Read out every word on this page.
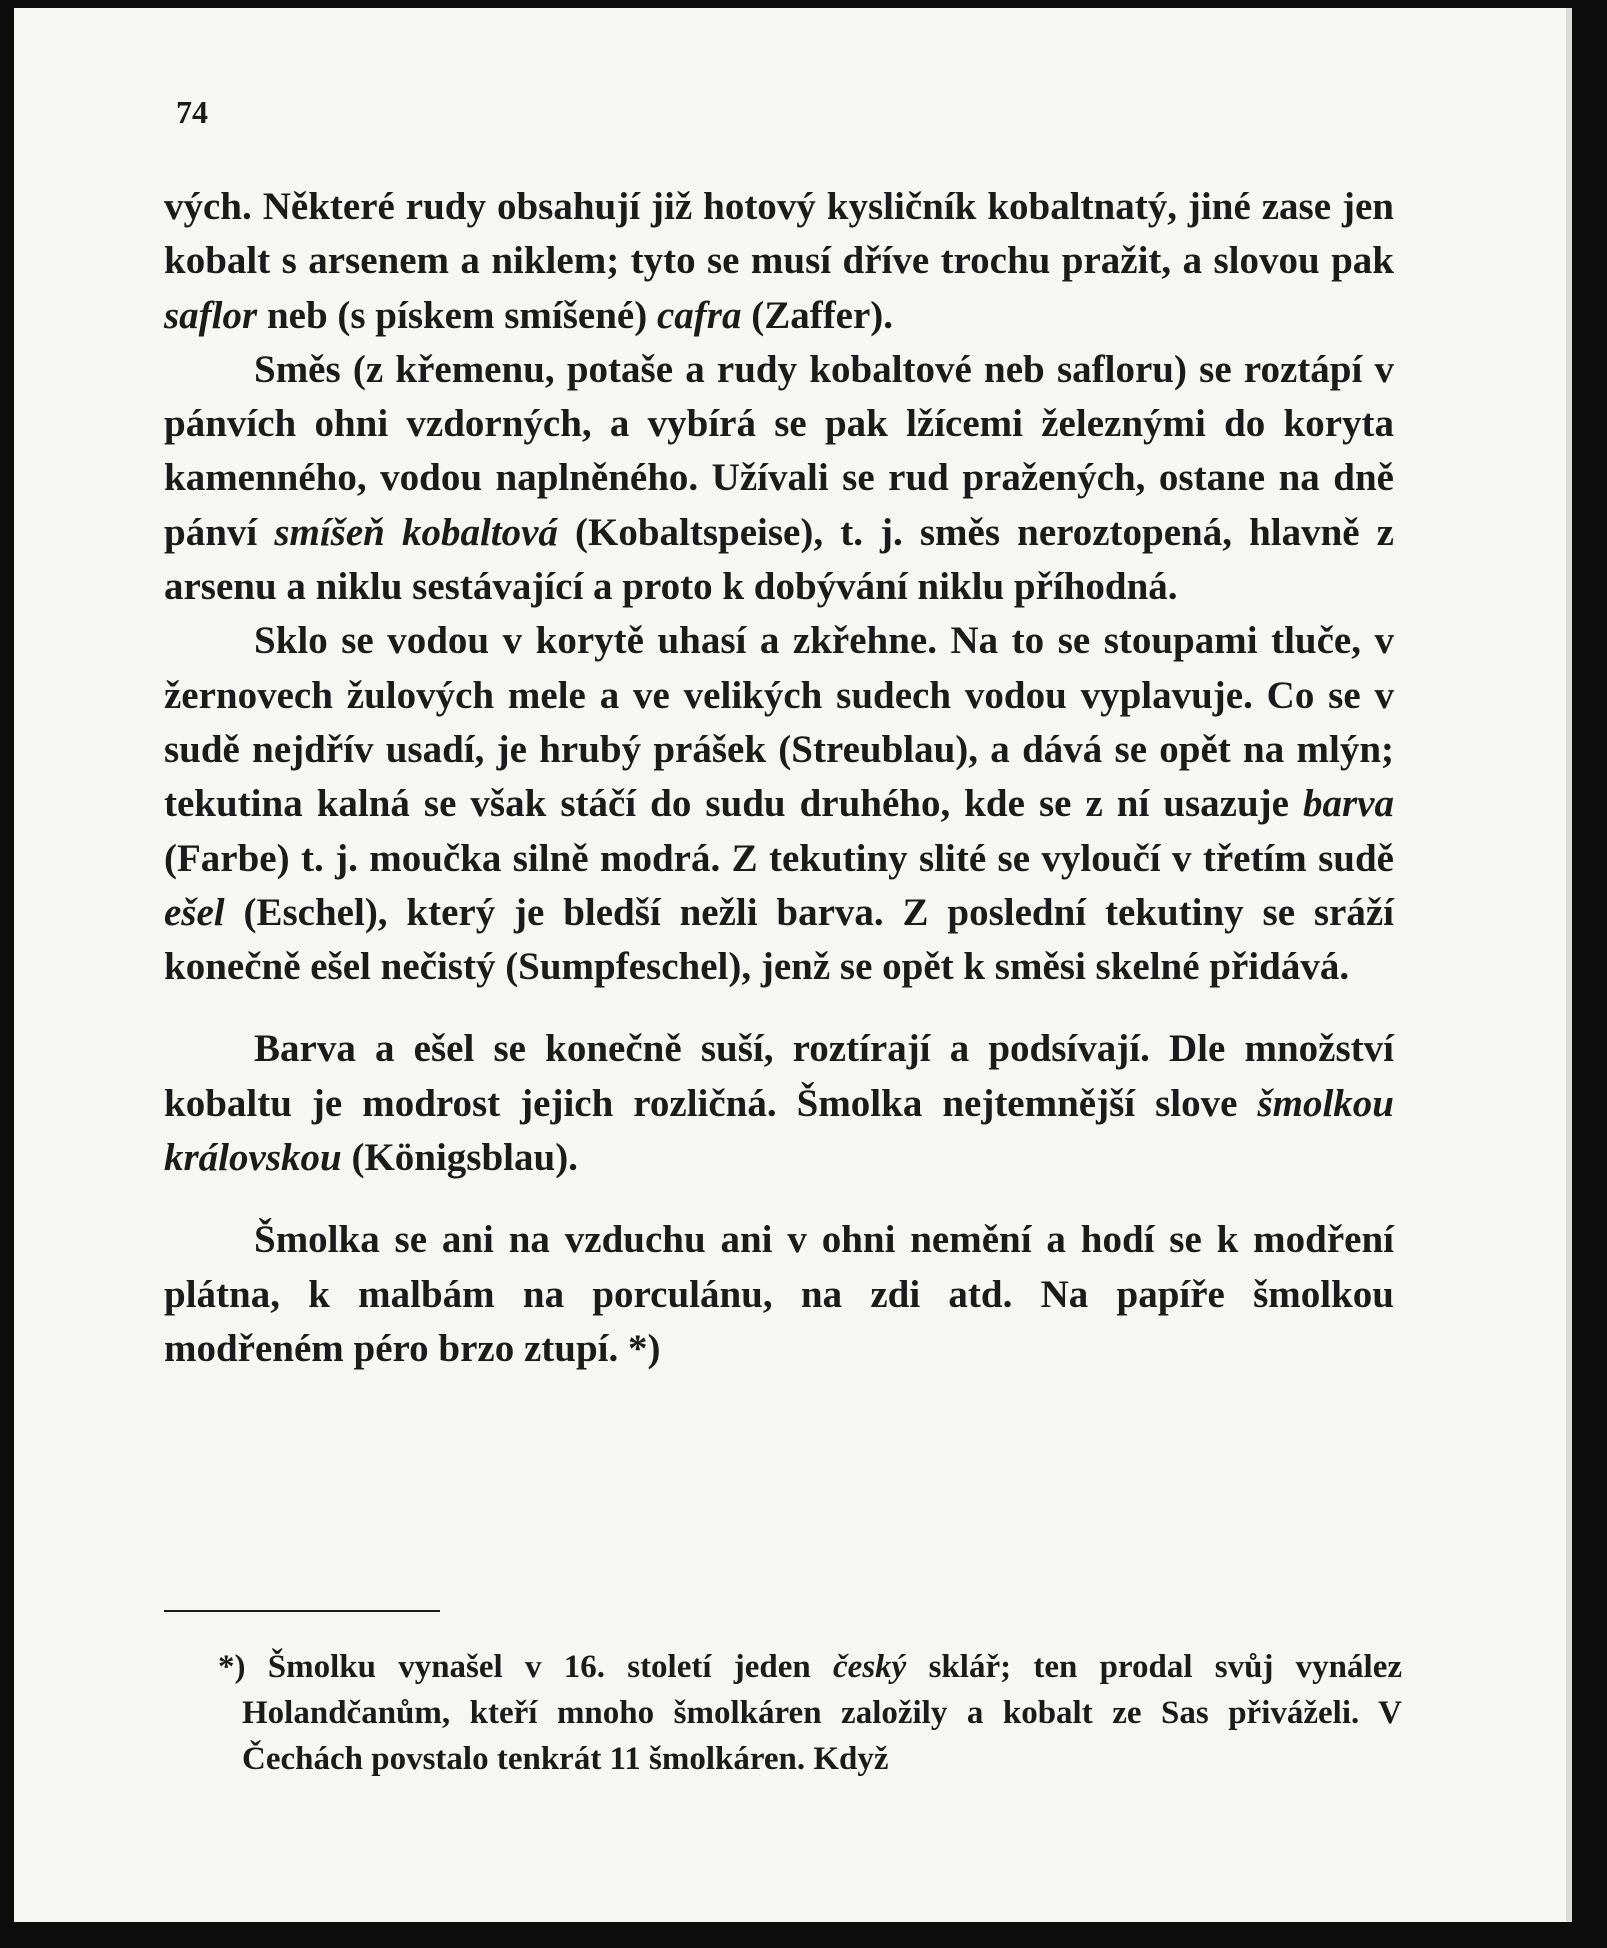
74

vých. Některé rudy obsahují již hotový kysličník kobaltnatý, jiné zase jen kobalt s arsenem a niklem; tyto se musí dříve trochu pražit, a slovou pak saflor neb (s pískem smíšené) cafra (Zaffer).

Směs (z křemenu, potaše a rudy kobaltové neb safloru) se roztápí v pánvích ohni vzdorných, a vybírá se pak lžícemi železnými do koryta kamenného, vodou naplněného. Užívali se rud pražených, ostane na dně pánví smíšeň kobaltová (Kobaltspeise), t. j. směs neroztopená, hlavně z arsenu a niklu sestávající a proto k dobývání niklu příhodná.

Sklo se vodou v korytě uhasí a zkřehne. Na to se stoupami tluče, v žernovech žulových mele a ve velikých sudech vodou vyplavuje. Co se v sudě nejdřív usadí, je hrubý prášek (Streublau), a dává se opět na mlýn; tekutina kalná se však stáčí do sudu druhého, kde se z ní usazuje barva (Farbe) t. j. moučka silně modrá. Z tekutiny slité se vyloučí v třetím sudě ešel (Eschel), který je bledší nežli barva. Z poslední tekutiny se sráží konečně ešel nečistý (Sumpfeschel), jenž se opět k směsi skelné přidává.

Barva a ešel se konečně suší, roztírají a podsívají. Dle množství kobaltu je modrost jejich rozličná. Šmolka nejtemnější slove šmolkou královskou (Königsblau).

Šmolka se ani na vzduchu ani v ohni nemění a hodí se k modření plátna, k malbám na porculánu, na zdi atd. Na papíře šmolkou modřeném péro brzo ztupí. *)

*) Šmolku vynašel v 16. století jeden český sklář; ten prodal svůj vynález Holandčanům, kteří mnoho šmolkáren založily a kobalt ze Sas přiváželi. V Čechách povstalo tenkrát 11 šmolkáren. Když
